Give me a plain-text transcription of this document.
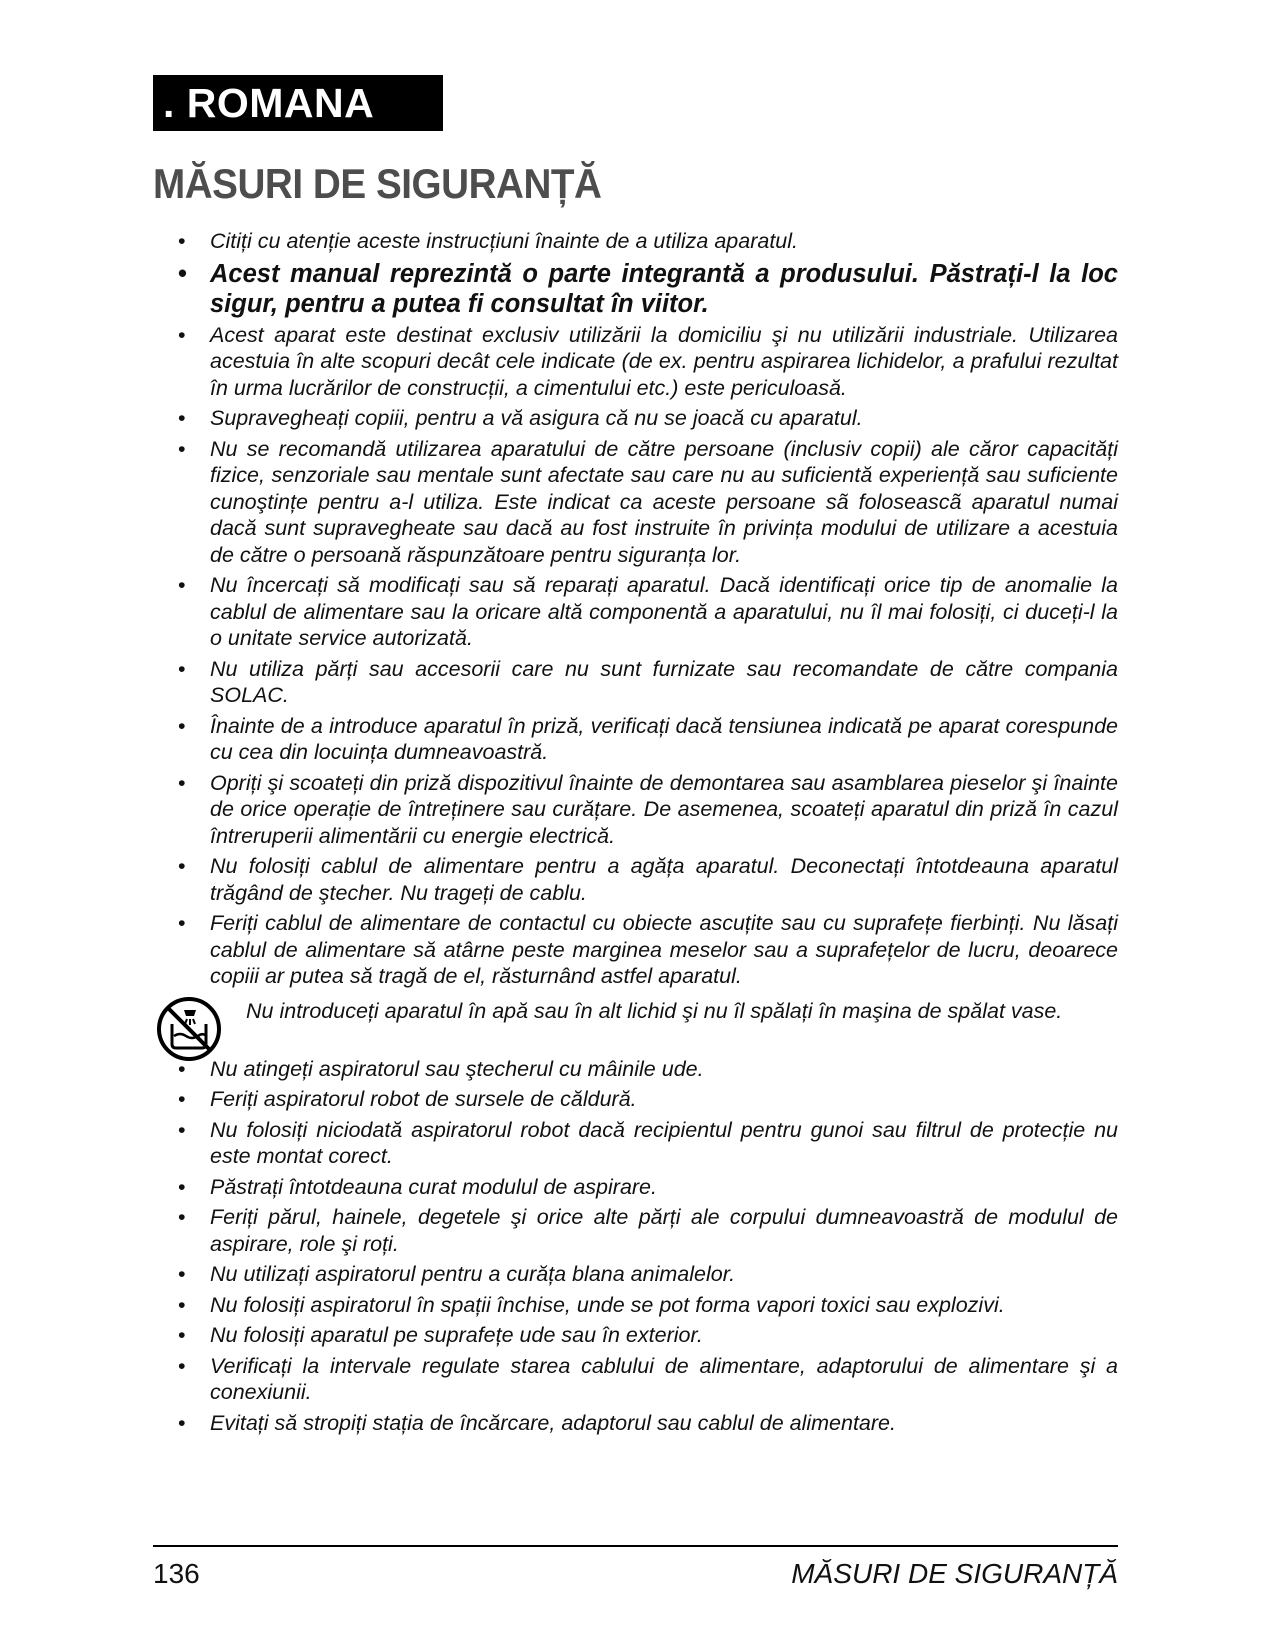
. ROMANA
MĂSURI DE SIGURANȚĂ
• Citiți cu atenție aceste instrucțiuni înainte de a utiliza aparatul.
• Acest manual reprezintă o parte integrantă a produsului. Păstrați-l la loc sigur, pentru a putea fi consultat în viitor.
• Acest aparat este destinat exclusiv utilizării la domiciliu şi nu utilizării industriale. Utilizarea acestuia în alte scopuri decât cele indicate (de ex. pentru aspirarea lichidelor, a prafului rezultat în urma lucrărilor de construcții, a cimentului etc.) este periculoasă.
• Supravegheați copiii, pentru a vă asigura că nu se joacă cu aparatul.
• Nu se recomandă utilizarea aparatului de către persoane (inclusiv copii) ale căror capacități fizice, senzoriale sau mentale sunt afectate sau care nu au suficientă experiență sau suficiente cunoştințe pentru a-l utiliza. Este indicat ca aceste persoane sã foloseascã aparatul numai dacă sunt supravegheate sau dacă au fost instruite în privința modului de utilizare a acestuia de către o persoană răspunzătoare pentru siguranța lor.
• Nu încercați să modificați sau să reparați aparatul. Dacă identificați orice tip de anomalie la cablul de alimentare sau la oricare altă componentă a aparatului, nu îl mai folosiți, ci duceți-l la o unitate service autorizată.
• Nu utiliza părți sau accesorii care nu sunt furnizate sau recomandate de către compania SOLAC.
• Înainte de a introduce aparatul în priză, verificați dacă tensiunea indicată pe aparat corespunde cu cea din locuința dumneavoastră.
• Opriți şi scoateți din priză dispozitivul înainte de demontarea sau asamblarea pieselor şi înainte de orice operație de întreținere sau curățare. De asemenea, scoateți aparatul din priză în cazul întreruperii alimentării cu energie electrică.
• Nu folosiți cablul de alimentare pentru a agăța aparatul. Deconectați întotdeauna aparatul trăgând de ştecher. Nu trageți de cablu.
• Feriți cablul de alimentare de contactul cu obiecte ascuțite sau cu suprafețe fierbinți. Nu lăsați cablul de alimentare să atârne peste marginea meselor sau a suprafețelor de lucru, deoarece copiii ar putea să tragă de el, răsturnând astfel aparatul.
Nu introduceți aparatul în apă sau în alt lichid şi nu îl spălați în maşina de spălat vase.
• Nu atingeți aspiratorul sau ştecherul cu mâinile ude.
• Feriți aspiratorul robot de sursele de căldură.
• Nu folosiți niciodată aspiratorul robot dacă recipientul pentru gunoi sau filtrul de protecție nu este montat corect.
• Păstrați întotdeauna curat modulul de aspirare.
• Feriți părul, hainele, degetele şi orice alte părți ale corpului dumneavoastră de modulul de aspirare, role şi roți.
• Nu utilizați aspiratorul pentru a curăța blana animalelor.
• Nu folosiți aspiratorul în spații închise, unde se pot forma vapori toxici sau explozivi.
• Nu folosiți aparatul pe suprafețe ude sau în exterior.
• Verificați la intervale regulate starea cablului de alimentare, adaptorului de alimentare şi a conexiunii.
• Evitați să stropiți stația de încărcare, adaptorul sau cablul de alimentare.
136	MĂSURI DE SIGURANȚĂ
